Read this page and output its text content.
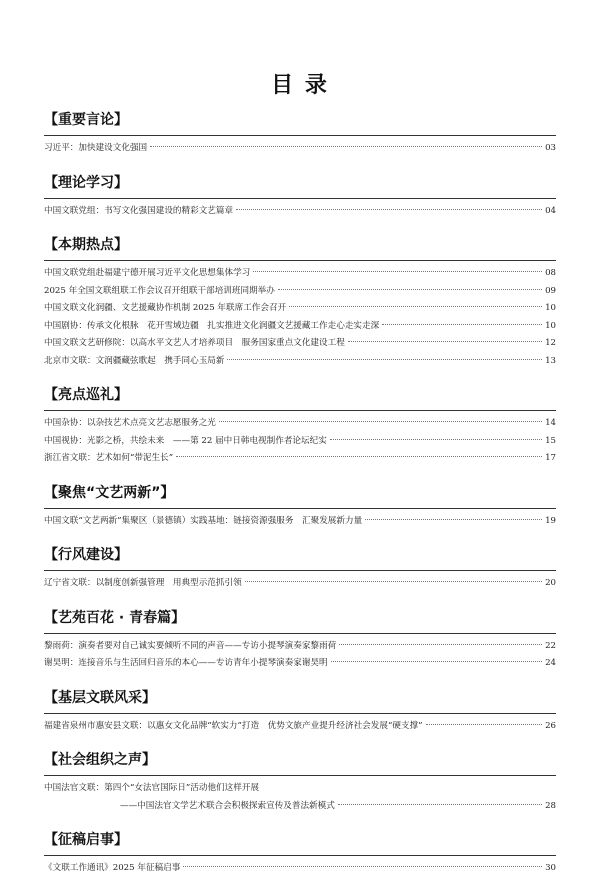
目 录
【重要言论】
习近平：加快建设文化强国	03
【理论学习】
中国文联党组：书写文化强国建设的精彩文艺篇章	04
【本期热点】
中国文联党组赴福建宁德开展习近平文化思想集体学习	08
2025 年全国文联组联工作会议召开组联干部培训班同期举办	09
中国文联文化润疆、文艺援藏协作机制 2025 年联席工作会召开	10
中国剧协：传承文化根脉　花开雪域边疆　扎实推进文化润疆文艺援藏工作走心走实走深	10
中国文联文艺研修院：以高水平文艺人才培养项目　服务国家重点文化建设工程	12
北京市文联：文润疆藏弦歌起　携手同心玉局新	13
【亮点巡礼】
中国杂协：以杂技艺术点亮文艺志愿服务之光	14
中国视协：光影之桥，共绘未来　——第 22 届中日韩电视制作者论坛纪实	15
浙江省文联：艺术如何“带泥生长”	17
【聚焦“文艺两新”】
中国文联“文艺两新”集聚区（景德镇）实践基地：链接资源强服务　汇聚发展新力量	19
【行风建设】
辽宁省文联：以制度创新强管理　用典型示范抓引领	20
【艺苑百花 · 青春篇】
黎雨荷：演奏者要对自己诚实要倾听不同的声音——专访小提琴演奏家黎雨荷	22
谢昊明：连接音乐与生活回归音乐的本心——专访青年小提琴演奏家谢昊明	24
【基层文联风采】
福建省泉州市惠安县文联：以惠女文化品牌“软实力”打造　优势文旅产业提升经济社会发展“硬支撑”	26
【社会组织之声】
中国法官文联：第四个“女法官国际日”活动他们这样开展
——中国法官文学艺术联合会积极探索宣传及普法新模式	28
【征稿启事】
《文联工作通讯》2025 年征稿启事	30
